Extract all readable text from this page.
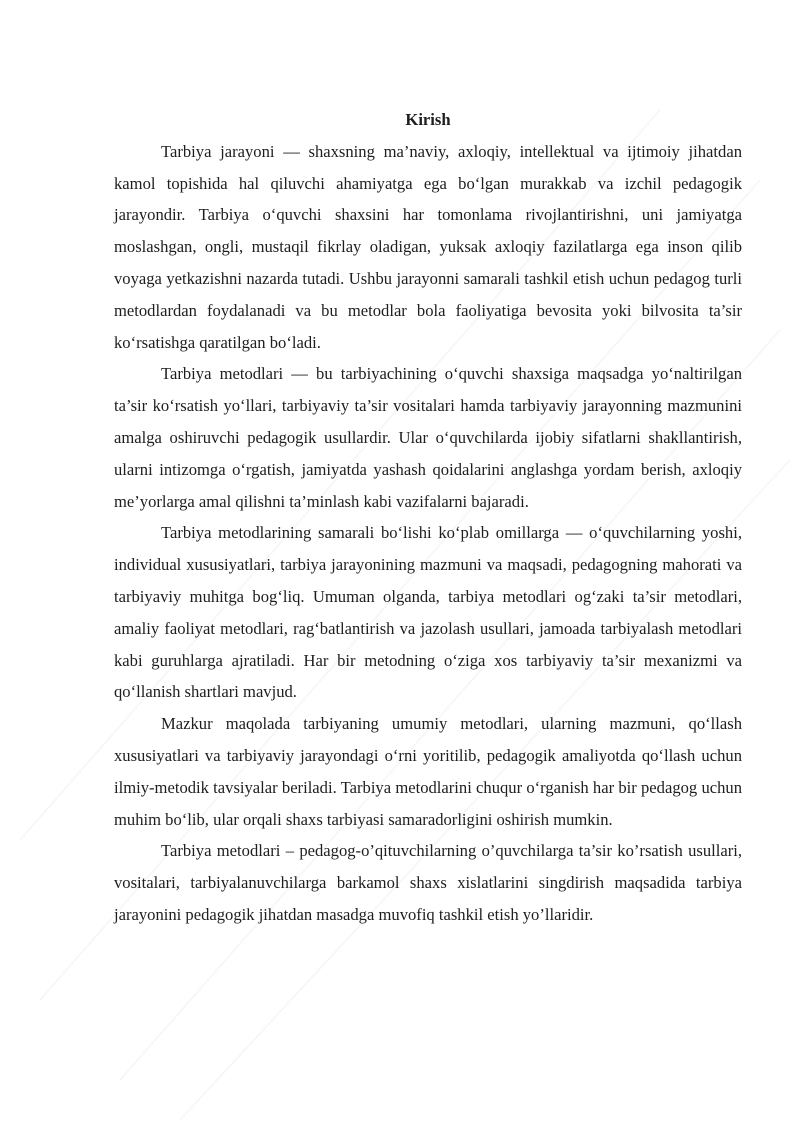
Kirish

Tarbiya jarayoni — shaxsning ma’naviy, axloqiy, intellektual va ijtimoiy jihatdan kamol topishida hal qiluvchi ahamiyatga ega bo‘lgan murakkab va izchil pedagogik jarayondir. Tarbiya o‘quvchi shaxsini har tomonlama rivojlantirishni, uni jamiyatga moslashgan, ongli, mustaqil fikrlay oladigan, yuksak axloqiy fazilatlarga ega inson qilib voyaga yetkazishni nazarda tutadi. Ushbu jarayonni samarali tashkil etish uchun pedagog turli metodlardan foydalanadi va bu metodlar bola faoliyatiga bevosita yoki bilvosita ta’sir ko‘rsatishga qaratilgan bo‘ladi.

Tarbiya metodlari — bu tarbiyachining o‘quvchi shaxsiga maqsadga yo‘naltirilgan ta’sir ko‘rsatish yo‘llari, tarbiyaviy ta’sir vositalari hamda tarbiyaviy jarayonning mazmunini amalga oshiruvchi pedagogik usullardir. Ular o‘quvchilarda ijobiy sifatlarni shakllantirish, ularni intizomga o‘rgatish, jamiyatda yashash qoidalarini anglashga yordam berish, axloqiy me’yorlarga amal qilishni ta’minlash kabi vazifalarni bajaradi.

Tarbiya metodlarining samarali bo‘lishi ko‘plab omillarga — o‘quvchilarning yoshi, individual xususiyatlari, tarbiya jarayonining mazmuni va maqsadi, pedagogning mahorati va tarbiyaviy muhitga bog‘liq. Umuman olganda, tarbiya metodlari og‘zaki ta’sir metodlari, amaliy faoliyat metodlari, rag‘batlantirish va jazolash usullari, jamoada tarbiyalash metodlari kabi guruhlarga ajratiladi. Har bir metodning o‘ziga xos tarbiyaviy ta’sir mexanizmi va qo‘llanish shartlari mavjud.

Mazkur maqolada tarbiyaning umumiy metodlari, ularning mazmuni, qo‘llash xususiyatlari va tarbiyaviy jarayondagi o‘rni yoritilib, pedagogik amaliyotda qo‘llash uchun ilmiy-metodik tavsiyalar beriladi. Tarbiya metodlarini chuqur o‘rganish har bir pedagog uchun muhim bo‘lib, ular orqali shaxs tarbiyasi samaradorligini oshirish mumkin.

Tarbiya metodlari – pedagog-o’qituvchilarning o’quvchilarga ta’sir ko’rsatish usullari, vositalari, tarbiyalanuvchilarga barkamol shaxs xislatlarini singdirish maqsadida tarbiya jarayonini pedagogik jihatdan masadga muvofiq tashkil etish yo’llaridir.
